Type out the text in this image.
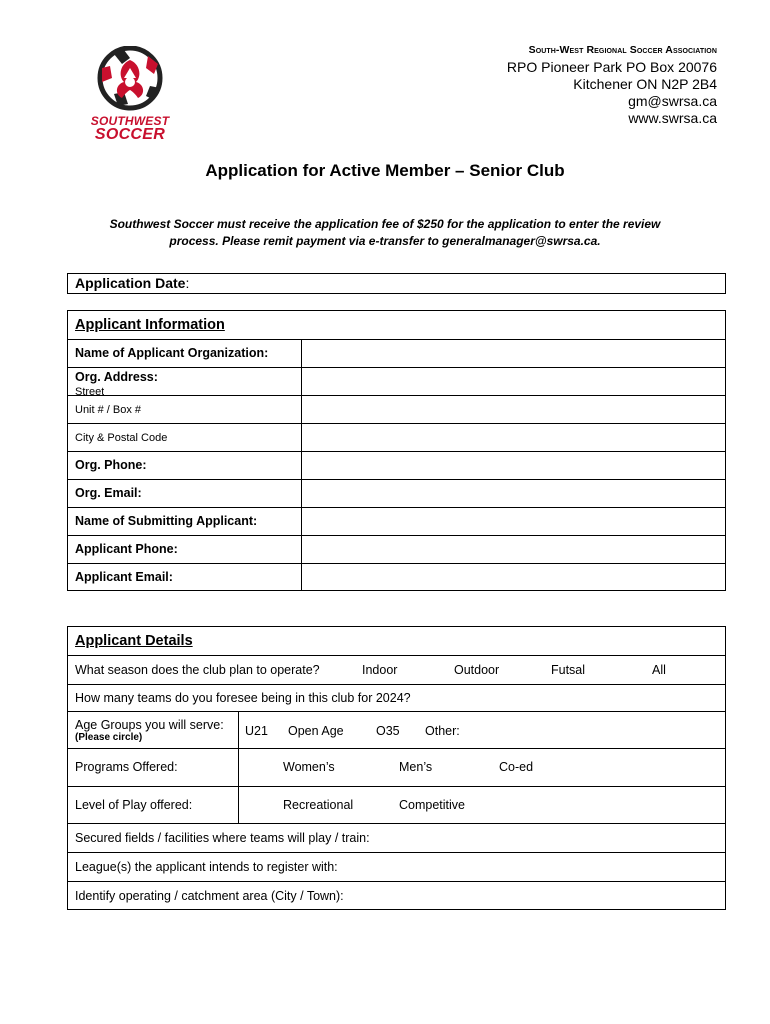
SOUTHWEST
SOCCER
South-West Regional Soccer Association
RPO Pioneer Park PO Box 20076
Kitchener ON N2P 2B4
gm@swrsa.ca
www.swrsa.ca
Application for Active Member – Senior Club
Southwest Soccer must receive the application fee of $250 for the application to enter the review
process. Please remit payment via e-transfer to generalmanager@swrsa.ca.
Application Date:
Applicant Information
Name of Applicant Organization:
Org. Address:
Street
Unit # / Box #
City & Postal Code
Org. Phone:
Org. Email:
Name of Submitting Applicant:
Applicant Phone:
Applicant Email:
Applicant Details
What season does the club plan to operate?	Indoor	Outdoor	Futsal	All
How many teams do you foresee being in this club for 2024?
Age Groups you will serve:
(Please circle)	U21 Open Age	O35 Other:
Programs Offered:	Women’s	Men’s	Co-ed
Level of Play offered:	Recreational	Competitive
Secured fields / facilities where teams will play / train:
League(s) the applicant intends to register with:
Identify operating / catchment area (City / Town):
